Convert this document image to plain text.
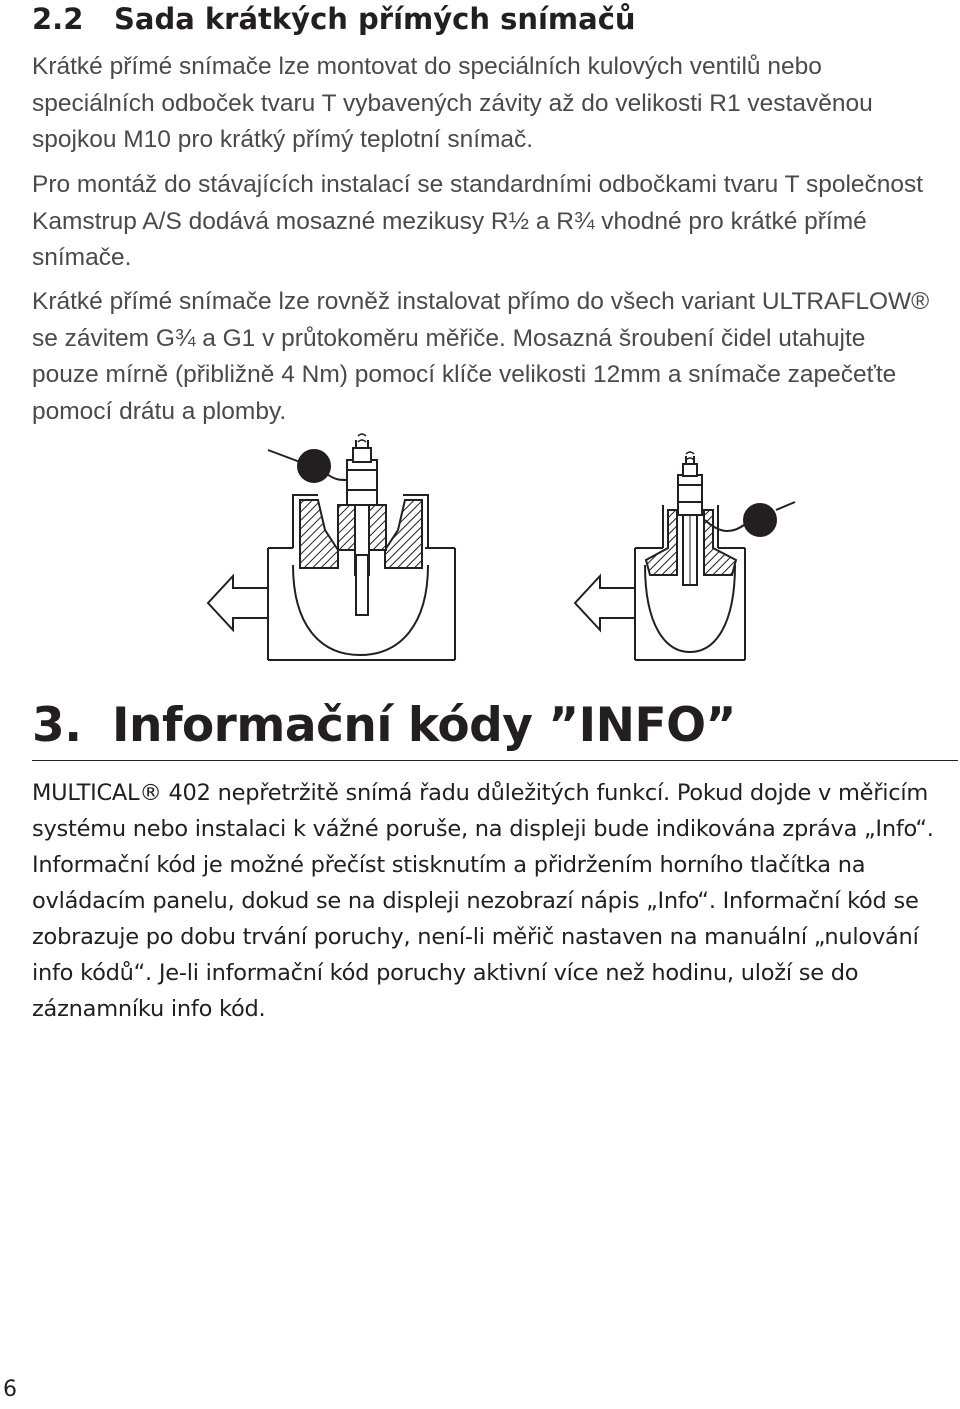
2.2 Sada krátkých přímých snímačů

Krátké přímé snímače lze montovat do speciálních kulových ventilů nebo speciálních odboček tvaru T vybavených závity až do velikosti R1 vestavěnou spojkou M10 pro krátký přímý teplotní snímač.

Pro montáž do stávajících instalací se standardními odbočkami tvaru T společnost Kamstrup A/S dodává mosazné mezikusy R½ a R¾ vhodné pro krátké přímé snímače.

Krátké přímé snímače lze rovněž instalovat přímo do všech variant ULTRAFLOW® se závitem G¾ a G1 v průtokoměru měřiče. Mosazná šroubení čidel utahujte pouze mírně (přibližně 4 Nm) pomocí klíče velikosti 12mm a snímače zapečeťte pomocí drátu a plomby.

3. Informační kódy ”INFO”

MULTICAL® 402 nepřetržitě snímá řadu důležitých funkcí. Pokud dojde v měřicím systému nebo instalaci k vážné poruše, na displeji bude indikována zpráva „Info“. Informační kód je možné přečíst stisknutím a přidržením horního tlačítka na ovládacím panelu, dokud se na displeji nezobrazí nápis „Info“. Informační kód se zobrazuje po dobu trvání poruchy, není-li měřič nastaven na manuální „nulování info kódů“. Je-li informační kód poruchy aktivní více než hodinu, uloží se do záznamníku info kód.

6
